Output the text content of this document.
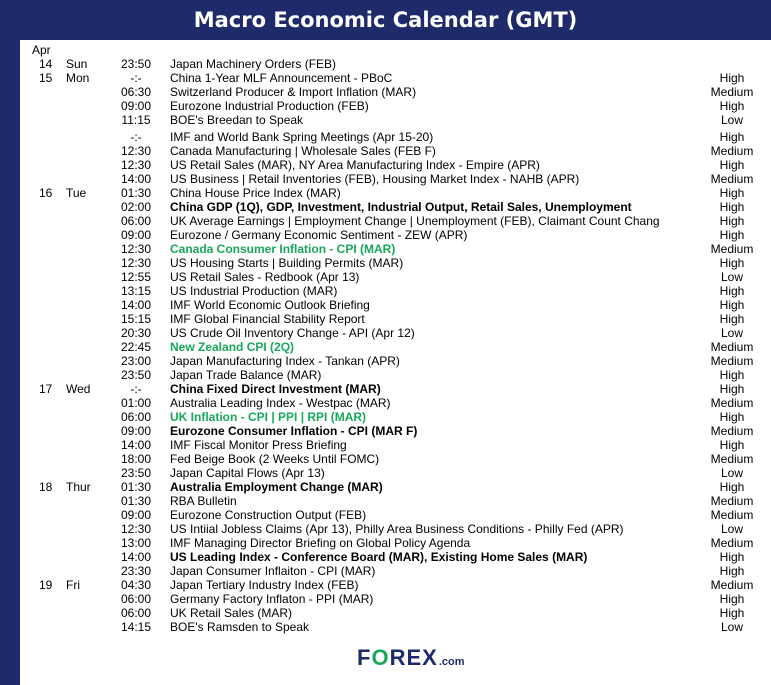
Macro Economic Calendar (GMT)
Apr
14	Sun	23:50 Japan Machinery Orders (FEB)
15	Mon	-:-	China 1-Year MLF Announcement - PBoC	High
06:30 Switzerland Producer & Import Inflation (MAR)	Medium
09:00 Eurozone Industrial Production (FEB)	High
11:15 BOE's Breedan to Speak	Low
-:-	IMF and World Bank Spring Meetings (Apr 15-20)	High
12:30 Canada Manufacturing | Wholesale Sales (FEB F)	Medium
12:30 US Retail Sales (MAR), NY Area Manufacturing Index - Empire (APR)	High
14:00 US Business | Retail Inventories (FEB), Housing Market Index - NAHB (APR)	Medium
16	Tue	01:30 China House Price Index (MAR)	High
02:00 China GDP (1Q), GDP, Investment, Industrial Output, Retail Sales, Unemployment	High
06:00 UK Average Earnings | Employment Change | Unemployment (FEB), Claimant Count Chang	High
09:00 Eurozone / Germany Economic Sentiment - ZEW (APR)	High
12:30 Canada Consumer Inflation - CPI (MAR)	Medium
12:30 US Housing Starts | Building Permits (MAR)	High
12:55 US Retail Sales - Redbook (Apr 13)	Low
13:15 US Industrial Production (MAR)	High
14:00 IMF World Economic Outlook Briefing	High
15:15 IMF Global Financial Stability Report	High
20:30 US Crude Oil Inventory Change - API (Apr 12)	Low
22:45 New Zealand CPI (2Q)	Medium
23:00 Japan Manufacturing Index - Tankan (APR)	Medium
23:50 Japan Trade Balance (MAR)	High
17	Wed	-:-	China Fixed Direct Investment (MAR)	High
01:00 Australia Leading Index - Westpac (MAR)	Medium
06:00 UK Inflation - CPI | PPI | RPI (MAR)	High
09:00 Eurozone Consumer Inflation - CPI (MAR F)	Medium
14:00 IMF Fiscal Monitor Press Briefing	High
18:00 Fed Beige Book (2 Weeks Until FOMC)	Medium
23:50 Japan Capital Flows (Apr 13)	Low
18	Thur	01:30 Australia Employment Change (MAR)	High
01:30 RBA Bulletin	Medium
09:00 Eurozone Construction Output (FEB)	Medium
12:30 US Intiial Jobless Claims (Apr 13), Philly Area Business Conditions - Philly Fed (APR)	Low
13:00 IMF Managing Director Briefing on Global Policy Agenda	Medium
14:00 US Leading Index - Conference Board (MAR), Existing Home Sales (MAR)	High
23:30 Japan Consumer Inflaiton - CPI (MAR)	High
19	Fri	04:30 Japan Tertiary Industry Index (FEB)	Medium
06:00 Germany Factory Inflaton - PPI (MAR)	High
06:00 UK Retail Sales (MAR)	High
14:15 BOE's Ramsden to Speak	Low
FOREX .com
